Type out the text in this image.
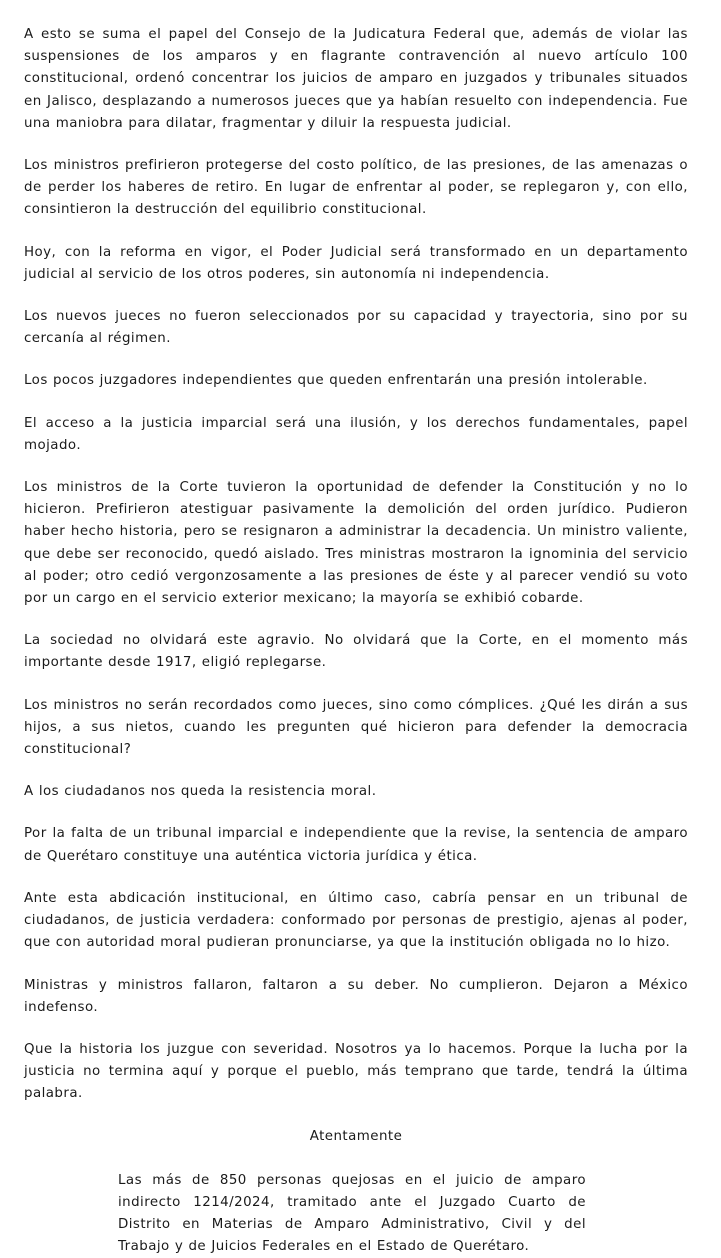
A esto se suma el papel del Consejo de la Judicatura Federal que, además de violar las suspensiones de los amparos y en flagrante contravención al nuevo artículo 100 constitucional, ordenó concentrar los juicios de amparo en juzgados y tribunales situados en Jalisco, desplazando a numerosos jueces que ya habían resuelto con independencia. Fue una maniobra para dilatar, fragmentar y diluir la respuesta judicial.

Los ministros prefirieron protegerse del costo político, de las presiones, de las amenazas o de perder los haberes de retiro. En lugar de enfrentar al poder, se replegaron y, con ello, consintieron la destrucción del equilibrio constitucional.

Hoy, con la reforma en vigor, el Poder Judicial será transformado en un departamento judicial al servicio de los otros poderes, sin autonomía ni independencia.

Los nuevos jueces no fueron seleccionados por su capacidad y trayectoria, sino por su cercanía al régimen.

Los pocos juzgadores independientes que queden enfrentarán una presión intolerable.

El acceso a la justicia imparcial será una ilusión, y los derechos fundamentales, papel mojado.

Los ministros de la Corte tuvieron la oportunidad de defender la Constitución y no lo hicieron. Prefirieron atestiguar pasivamente la demolición del orden jurídico. Pudieron haber hecho historia, pero se resignaron a administrar la decadencia. Un ministro valiente, que debe ser reconocido, quedó aislado. Tres ministras mostraron la ignominia del servicio al poder; otro cedió vergonzosamente a las presiones de éste y al parecer vendió su voto por un cargo en el servicio exterior mexicano; la mayoría se exhibió cobarde.

La sociedad no olvidará este agravio. No olvidará que la Corte, en el momento más importante desde 1917, eligió replegarse.

Los ministros no serán recordados como jueces, sino como cómplices. ¿Qué les dirán a sus hijos, a sus nietos, cuando les pregunten qué hicieron para defender la democracia constitucional?

A los ciudadanos nos queda la resistencia moral.

Por la falta de un tribunal imparcial e independiente que la revise, la sentencia de amparo de Querétaro constituye una auténtica victoria jurídica y ética.

Ante esta abdicación institucional, en último caso, cabría pensar en un tribunal de ciudadanos, de justicia verdadera: conformado por personas de prestigio, ajenas al poder, que con autoridad moral pudieran pronunciarse, ya que la institución obligada no lo hizo.

Ministras y ministros fallaron, faltaron a su deber. No cumplieron. Dejaron a México indefenso.

Que la historia los juzgue con severidad. Nosotros ya lo hacemos. Porque la lucha por la justicia no termina aquí y porque el pueblo, más temprano que tarde, tendrá la última palabra.

Atentamente
Las más de 850 personas quejosas en el juicio de amparo indirecto 1214/2024, tramitado ante el Juzgado Cuarto de Distrito en Materias de Amparo Administrativo, Civil y del Trabajo y de Juicios Federales en el Estado de Querétaro.
